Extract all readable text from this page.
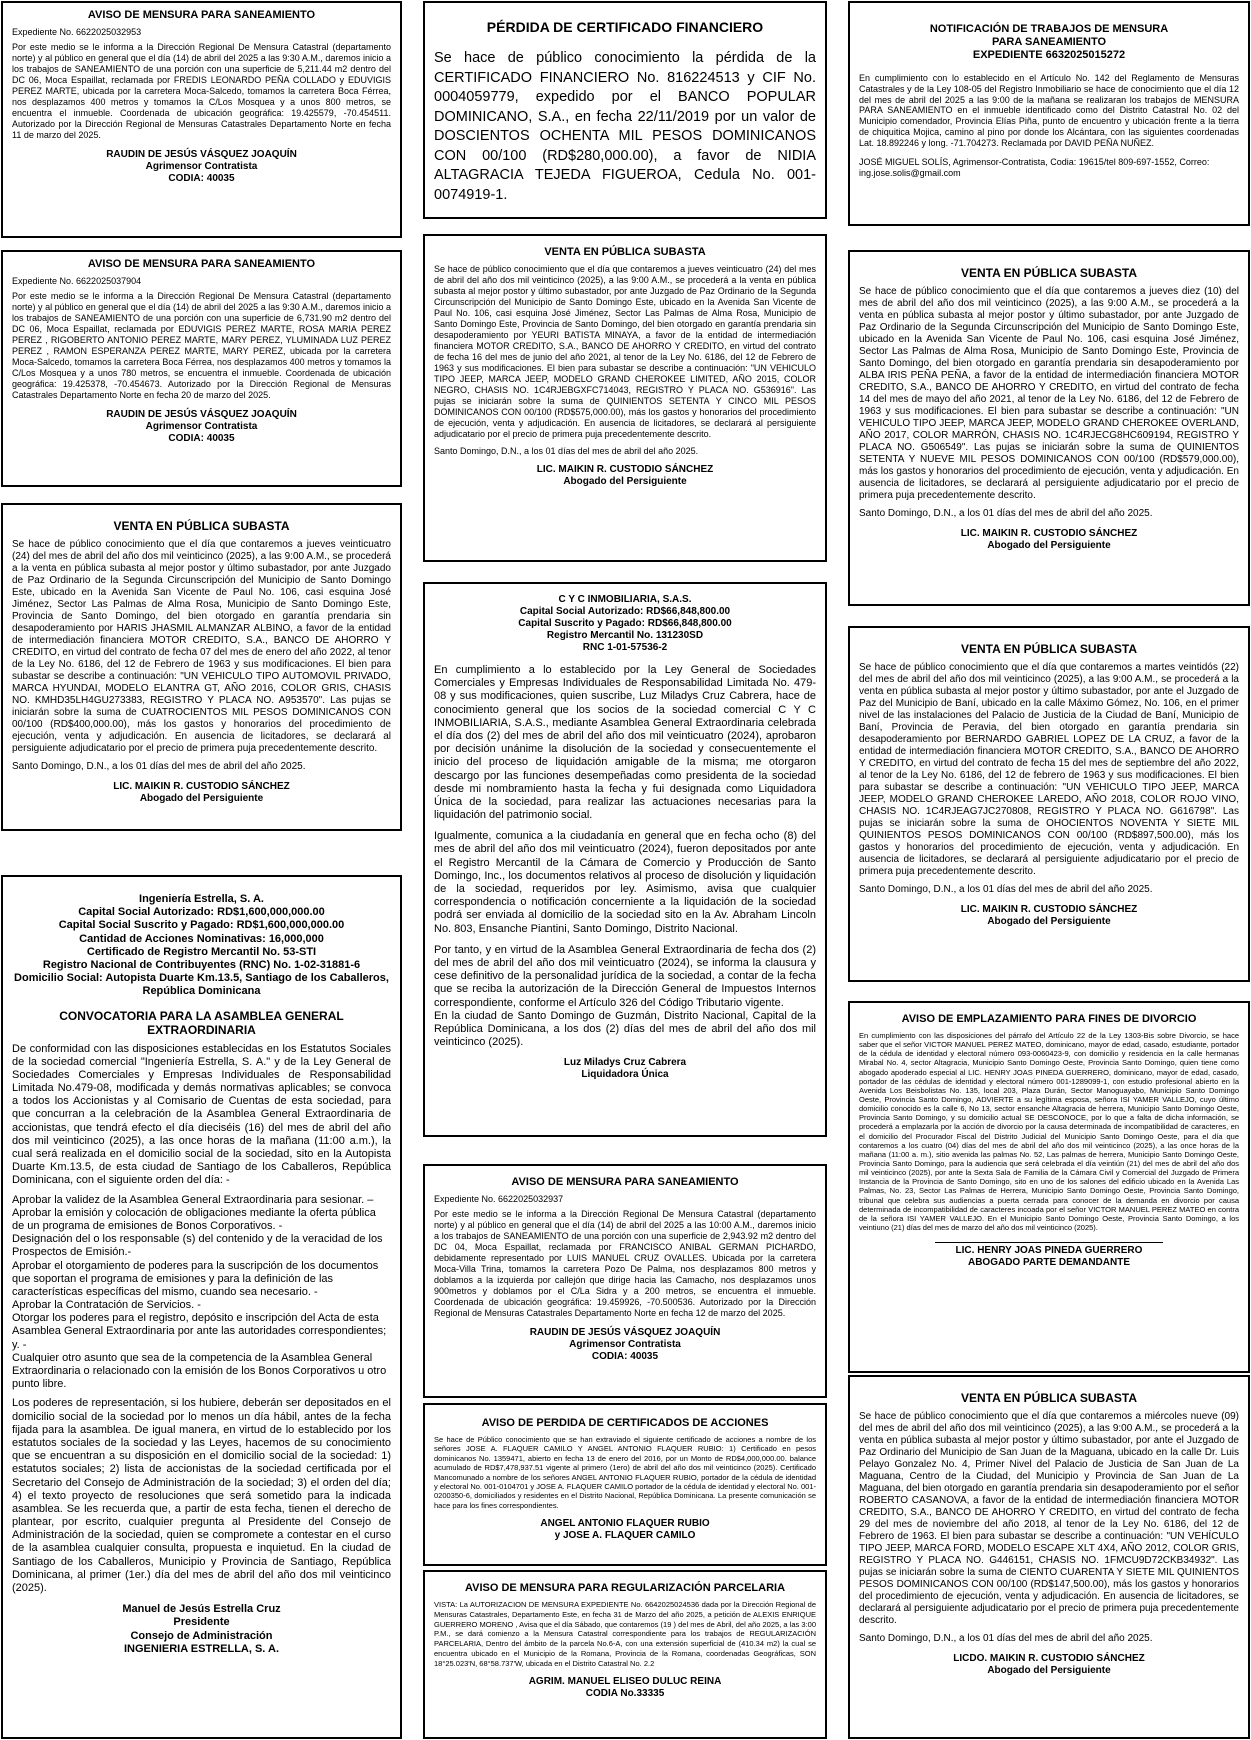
AVISO DE MENSURA PARA SANEAMIENTO
Expediente No. 6622025032953
Por este medio se le informa a la Dirección Regional De Mensura Catastral (departamento norte) y al público en general que el día (14) de abril del 2025 a las 9:30 A.M., daremos inicio a los trabajos de SANEAMIENTO de una porción con una superficie de 5,211.44 m2 dentro del DC 06, Moca Espaillat, reclamada por FREDIS LEONARDO PEÑA COLLADO y EDUVIGIS PEREZ MARTE, ubicada por la carretera Moca-Salcedo, tomamos la carretera Boca Férrea, nos desplazamos 400 metros y tomamos la C/Los Mosquea y a unos 800 metros, se encuentra el inmueble. Coordenada de ubicación geográfica: 19.425579, -70.454511. Autorizado por la Dirección Regional de Mensuras Catastrales Departamento Norte en fecha 11 de marzo del 2025.
RAUDIN DE JESÚS VÁSQUEZ JOAQUÍN
Agrimensor Contratista
CODIA: 40035
AVISO DE MENSURA PARA SANEAMIENTO
Expediente No. 6622025037904
Por este medio se le informa a la Dirección Regional De Mensura Catastral (departamento norte) y al público en general que el día (14) de abril del 2025 a las 9:30 A.M., daremos inicio a los trabajos de SANEAMIENTO de una porción con una superficie de 6,731.90 m2 dentro del DC 06, Moca Espaillat, reclamada por EDUVIGIS PEREZ MARTE, ROSA MARIA PEREZ PEREZ , RIGOBERTO ANTONIO PEREZ MARTE, MARY PEREZ, YLUMINADA LUZ PEREZ PEREZ , RAMON ESPERANZA PEREZ MARTE, MARY PEREZ, ubicada por la carretera Moca-Salcedo, tomamos la carretera Boca Férrea, nos desplazamos 400 metros y tomamos la C/Los Mosquea y a unos 780 metros, se encuentra el inmueble. Coordenada de ubicación geográfica: 19.425378, -70.454673. Autorizado por la Dirección Regional de Mensuras Catastrales Departamento Norte en fecha 20 de marzo del 2025.
RAUDIN DE JESÚS VÁSQUEZ JOAQUÍN
Agrimensor Contratista
CODIA: 40035
VENTA EN PÚBLICA SUBASTA
Se hace de público conocimiento que el día que contaremos a jueves veinticuatro (24) del mes de abril del año dos mil veinticinco (2025), a las 9:00 A.M., se procederá a la venta en pública subasta al mejor postor y último subastador, por ante Juzgado de Paz Ordinario de la Segunda Circunscripción del Municipio de Santo Domingo Este, ubicado en la Avenida San Vicente de Paul No. 106, casi esquina José Jiménez, Sector Las Palmas de Alma Rosa, Municipio de Santo Domingo Este, Provincia de Santo Domingo, del bien otorgado en garantía prendaria sin desapoderamiento por HARIS JHASMIL ALMANZAR ALBINO, a favor de la entidad de intermediación financiera MOTOR CREDITO, S.A., BANCO DE AHORRO Y CREDITO, en virtud del contrato de fecha 07 del mes de enero del año 2022, al tenor de la Ley No. 6186, del 12 de Febrero de 1963 y sus modificaciones. El bien para subastar se describe a continuación: "UN VEHICULO TIPO AUTOMOVIL PRIVADO, MARCA HYUNDAI, MODELO ELANTRA GT, AÑO 2016, COLOR GRIS, CHASIS NO. KMHD35LH4GU273383, REGISTRO Y PLACA NO. A953570". Las pujas se iniciarán sobre la suma de CUATROCIENTOS MIL PESOS DOMINICANOS CON 00/100 (RD$400,000.00), más los gastos y honorarios del procedimiento de ejecución, venta y adjudicación. En ausencia de licitadores, se declarará al persiguiente adjudicatario por el precio de primera puja precedentemente descrito.
Santo Domingo, D.N., a los 01 días del mes de abril del año 2025.
LIC. MAIKIN R. CUSTODIO SÁNCHEZ
Abogado del Persiguiente
Ingeniería Estrella, S. A.
Capital Social Autorizado: RD$1,600,000,000.00
Capital Social Suscrito y Pagado: RD$1,600,000,000.00
Cantidad de Acciones Nominativas: 16,000,000
Certificado de Registro Mercantil No. 53-STI
Registro Nacional de Contribuyentes (RNC) No. 1-02-31881-6
Domicilio Social: Autopista Duarte Km.13.5, Santiago de los Caballeros,
República Dominicana
CONVOCATORIA PARA LA ASAMBLEA GENERAL EXTRAORDINARIA
De conformidad con las disposiciones establecidas en los Estatutos Sociales de la sociedad comercial "Ingeniería Estrella, S. A." y de la Ley General de Sociedades Comerciales y Empresas Individuales de Responsabilidad Limitada No.479-08, modificada y demás normativas aplicables; se convoca a todos los Accionistas y al Comisario de Cuentas de esta sociedad, para que concurran a la celebración de la Asamblea General Extraordinaria de accionistas, que tendrá efecto el día dieciséis (16) del mes de abril del año dos mil veinticinco (2025), a las once horas de la mañana (11:00 a.m.), la cual será realizada en el domicilio social de la sociedad, sito en la Autopista Duarte Km.13.5, de esta ciudad de Santiago de los Caballeros, República Dominicana, con el siguiente orden del día: -
Aprobar la validez de la Asamblea General Extraordinaria para sesionar. –
Aprobar la emisión y colocación de obligaciones mediante la oferta pública de un programa de emisiones de Bonos Corporativos. -
Designación del o los responsable (s) del contenido y de la veracidad de los Prospectos de Emisión.-
Aprobar el otorgamiento de poderes para la suscripción de los documentos que soportan el programa de emisiones y para la definición de las características específicas del mismo, cuando sea necesario. -
Aprobar la Contratación de Servicios. -
Otorgar los poderes para el registro, depósito e inscripción del Acta de esta Asamblea General Extraordinaria por ante las autoridades correspondientes; y. -
Cualquier otro asunto que sea de la competencia de la Asamblea General Extraordinaria o relacionado con la emisión de los Bonos Corporativos u otro punto libre.
Los poderes de representación, si los hubiere, deberán ser depositados en el domicilio social de la sociedad por lo menos un día hábil, antes de la fecha fijada para la asamblea. De igual manera, en virtud de lo establecido por los estatutos sociales de la sociedad y las Leyes, hacemos de su conocimiento que se encuentran a su disposición en el domicilio social de la sociedad: 1) estatutos sociales; 2) lista de accionistas de la sociedad certificada por el Secretario del Consejo de Administración de la sociedad; 3) el orden del día; 4) el texto proyecto de resoluciones que será sometido para la indicada asamblea. Se les recuerda que, a partir de esta fecha, tienen el derecho de plantear, por escrito, cualquier pregunta al Presidente del Consejo de Administración de la sociedad, quien se compromete a contestar en el curso de la asamblea cualquier consulta, propuesta e inquietud. En la ciudad de Santiago de los Caballeros, Municipio y Provincia de Santiago, República Dominicana, al primer (1er.) día del mes de abril del año dos mil veinticinco (2025).
Manuel de Jesús Estrella Cruz
Presidente
Consejo de Administración
INGENIERIA ESTRELLA, S. A.
PÉRDIDA DE CERTIFICADO FINANCIERO
Se hace de público conocimiento la pérdida de la CERTIFICADO FINANCIERO No. 816224513 y CIF No. 0004059779, expedido por el BANCO POPULAR DOMINICANO, S.A., en fecha 22/11/2019 por un valor de DOSCIENTOS OCHENTA MIL PESOS DOMINICANOS CON 00/100 (RD$280,000.00), a favor de NIDIA ALTAGRACIA TEJEDA FIGUEROA, Cedula No. 001-0074919-1.
VENTA EN PÚBLICA SUBASTA
Se hace de público conocimiento que el día que contaremos a jueves veinticuatro (24) del mes de abril del año dos mil veinticinco (2025), a las 9:00 A.M., se procederá a la venta en pública subasta al mejor postor y último subastador, por ante Juzgado de Paz Ordinario de la Segunda Circunscripción del Municipio de Santo Domingo Este, ubicado en la Avenida San Vicente de Paul No. 106, casi esquina José Jiménez, Sector Las Palmas de Alma Rosa, Municipio de Santo Domingo Este, Provincia de Santo Domingo, del bien otorgado en garantía prendaria sin desapoderamiento por YEURI BATISTA MINAYA, a favor de la entidad de intermediación financiera MOTOR CREDITO, S.A., BANCO DE AHORRO Y CREDITO, en virtud del contrato de fecha 16 del mes de junio del año 2021, al tenor de la Ley No. 6186, del 12 de Febrero de 1963 y sus modificaciones. El bien para subastar se describe a continuación: "UN VEHICULO TIPO JEEP, MARCA JEEP, MODELO GRAND CHEROKEE LIMITED, AÑO 2015, COLOR NEGRO, CHASIS NO. 1C4RJEBGXFC714043, REGISTRO Y PLACA NO. G536916". Las pujas se iniciarán sobre la suma de QUINIENTOS SETENTA Y CINCO MIL PESOS DOMINICANOS CON 00/100 (RD$575,000.00), más los gastos y honorarios del procedimiento de ejecución, venta y adjudicación. En ausencia de licitadores, se declarará al persiguiente adjudicatario por el precio de primera puja precedentemente descrito.
Santo Domingo, D.N., a los 01 días del mes de abril del año 2025.
LIC. MAIKIN R. CUSTODIO SÁNCHEZ
Abogado del Persiguiente
C Y C INMOBILIARIA, S.A.S.
Capital Social Autorizado: RD$66,848,800.00
Capital Suscrito y Pagado: RD$66,848,800.00
Registro Mercantil No. 131230SD
RNC 1-01-57536-2
En cumplimiento a lo establecido por la Ley General de Sociedades Comerciales y Empresas Individuales de Responsabilidad Limitada No. 479-08 y sus modificaciones, quien suscribe, Luz Miladys Cruz Cabrera, hace de conocimiento general que los socios de la sociedad comercial C Y C INMOBILIARIA, S.A.S., mediante Asamblea General Extraordinaria celebrada el día dos (2) del mes de abril del año dos mil veinticuatro (2024), aprobaron por decisión unánime la disolución de la sociedad y consecuentemente el inicio del proceso de liquidación amigable de la misma; me otorgaron descargo por las funciones desempeñadas como presidenta de la sociedad desde mi nombramiento hasta la fecha y fui designada como Liquidadora Única de la sociedad, para realizar las actuaciones necesarias para la liquidación del patrimonio social.
Igualmente, comunica a la ciudadanía en general que en fecha ocho (8) del mes de abril del año dos mil veinticuatro (2024), fueron depositados por ante el Registro Mercantil de la Cámara de Comercio y Producción de Santo Domingo, Inc., los documentos relativos al proceso de disolución y liquidación de la sociedad, requeridos por ley. Asimismo, avisa que cualquier correspondencia o notificación concerniente a la liquidación de la sociedad podrá ser enviada al domicilio de la sociedad sito en la Av. Abraham Lincoln No. 803, Ensanche Piantini, Santo Domingo, Distrito Nacional.
Por tanto, y en virtud de la Asamblea General Extraordinaria de fecha dos (2) del mes de abril del año dos mil veinticuatro (2024), se informa la clausura y cese definitivo de la personalidad jurídica de la sociedad, a contar de la fecha que se reciba la autorización de la Dirección General de Impuestos Internos correspondiente, conforme el Artículo 326 del Código Tributario vigente.
En la ciudad de Santo Domingo de Guzmán, Distrito Nacional, Capital de la República Dominicana, a los dos (2) días del mes de abril del año dos mil veinticinco (2025).
Luz Miladys Cruz Cabrera
Liquidadora Única
AVISO DE MENSURA PARA SANEAMIENTO
Expediente No. 6622025032937
Por este medio se le informa a la Dirección Regional De Mensura Catastral (departamento norte) y al público en general que el día (14) de abril del 2025 a las 10:00 A.M., daremos inicio a los trabajos de SANEAMIENTO de una porción con una superficie de 2,943.92 m2 dentro del DC 04, Moca Espaillat, reclamada por FRANCISCO ANIBAL GERMAN PICHARDO, debidamente representado por LUIS MANUEL CRUZ OVALLES. Ubicada por la carretera Moca-Villa Trina, tomamos la carretera Pozo De Palma, nos desplazamos 800 metros y doblamos a la izquierda por callejón que dirige hacia las Camacho, nos desplazamos unos 900metros y doblamos por el C/La Sidra y a 200 metros, se encuentra el inmueble. Coordenada de ubicación geográfica: 19.459926, -70.500536. Autorizado por la Dirección Regional de Mensuras Catastrales Departamento Norte en fecha 12 de marzo del 2025.
RAUDIN DE JESÚS VÁSQUEZ JOAQUÍN
Agrimensor Contratista
CODIA: 40035
AVISO DE PERDIDA DE CERTIFICADOS DE ACCIONES
Se hace de Público conocimiento que se han extraviado el siguiente certificado de acciones a nombre de los señores JOSE A. FLAQUER CAMILO Y ANGEL ANTONIO FLAQUER RUBIO: 1) Certificado en pesos dominicanos No. 1359471, abierto en fecha 13 de enero del 2016, por un Monto de RD$4,000,000.00. balance acumulado de RD$7,478,937.51 vigente al primero (1ero) de abril del año dos mil veinticinco (2025). Certificado Mancomunado a nombre de los señores ANGEL ANTONIO FLAQUER RUBIO, portador de la cédula de identidad y electoral No. 001-0104701 y JOSE A. FLAQUER CAMILO portador de la cédula de identidad y electoral No. 001-0200350-6, domiciliados y residentes en el Distrito Nacional, República Dominicana. La presente comunicación se hace para los fines correspondientes.
ANGEL ANTONIO FLAQUER RUBIO
y JOSE A. FLAQUER CAMILO
AVISO DE MENSURA PARA REGULARIZACIÓN PARCELARIA
VISTA: La AUTORIZACION DE MENSURA EXPEDIENTE No. 6642025024536 dada por la Dirección Regional de Mensuras Catastrales, Departamento Este, en fecha 31 de Marzo del año 2025, a petición de ALEXIS ENRIQUE GUERRERO MORENO , Avisa que el día Sábado, que contaremos (19 ) del mes de Abril, del año 2025, a las 3:00 P.M., se dará comienzo a la Mensura Catastral correspondiente para los trabajos de REGULARIZACIÓN PARCELARIA, Dentro del ámbito de la parcela No.6-A, con una extensión superficial de (410.34 m2) la cual se encuentra ubicado en el Municipio de la Romana, Provincia de la Romana, coordenadas Geográficas, SON 18°25.023'N, 68°58.737'W, ubicada en el Distrito Catastral No. 2.2
AGRIM. MANUEL ELISEO DULUC REINA
CODIA No.33335
NOTIFICACIÓN DE TRABAJOS DE MENSURA
PARA SANEAMIENTO
EXPEDIENTE 6632025015272
En cumplimiento con lo establecido en el Artículo No. 142 del Reglamento de Mensuras Catastrales y de la Ley 108-05 del Registro Inmobiliario se hace de conocimiento que el día 12 del mes de abril del 2025 a las 9:00 de la mañana se realizaran los trabajos de MENSURA PARA SANEAMIENTO en el inmueble identificado como del Distrito Catastral No. 02 del Municipio comendador, Provincia Elías Piña, punto de encuentro y ubicación frente a la tierra de chiquitica Mojica, camino al pino por donde los Alcántara, con las siguientes coordenadas Lat. 18.892246 y long. -71.704273. Reclamada por DAVID PEÑA NUÑEZ.
JOSÉ MIGUEL SOLÍS, Agrimensor-Contratista, Codia: 19615/tel 809-697-1552, Correo: ing.jose.solis@gmail.com
VENTA EN PÚBLICA SUBASTA
Se hace de público conocimiento que el día que contaremos a jueves diez (10) del mes de abril del año dos mil veinticinco (2025), a las 9:00 A.M., se procederá a la venta en pública subasta al mejor postor y último subastador, por ante Juzgado de Paz Ordinario de la Segunda Circunscripción del Municipio de Santo Domingo Este, ubicado en la Avenida San Vicente de Paul No. 106, casi esquina José Jiménez, Sector Las Palmas de Alma Rosa, Municipio de Santo Domingo Este, Provincia de Santo Domingo, del bien otorgado en garantía prendaria sin desapoderamiento por ALBA IRIS PEÑA PEÑA, a favor de la entidad de intermediación financiera MOTOR CREDITO, S.A., BANCO DE AHORRO Y CREDITO, en virtud del contrato de fecha 14 del mes de mayo del año 2021, al tenor de la Ley No. 6186, del 12 de Febrero de 1963 y sus modificaciones. El bien para subastar se describe a continuación: "UN VEHICULO TIPO JEEP, MARCA JEEP, MODELO GRAND CHEROKEE OVERLAND, AÑO 2017, COLOR MARRÓN, CHASIS NO. 1C4RJECG8HC609194, REGISTRO Y PLACA NO. G506549". Las pujas se iniciarán sobre la suma de QUINIENTOS SETENTA Y NUEVE MIL PESOS DOMINICANOS CON 00/100 (RD$579,000.00), más los gastos y honorarios del procedimiento de ejecución, venta y adjudicación. En ausencia de licitadores, se declarará al persiguiente adjudicatario por el precio de primera puja precedentemente descrito.
Santo Domingo, D.N., a los 01 días del mes de abril del año 2025.
LIC. MAIKIN R. CUSTODIO SÁNCHEZ
Abogado del Persiguiente
VENTA EN PÚBLICA SUBASTA
Se hace de público conocimiento que el día que contaremos a martes veintidós (22) del mes de abril del año dos mil veinticinco (2025), a las 9:00 A.M., se procederá a la venta en pública subasta al mejor postor y último subastador, por ante el Juzgado de Paz del Municipio de Baní, ubicado en la calle Máximo Gómez, No. 106, en el primer nivel de las instalaciones del Palacio de Justicia de la Ciudad de Baní, Municipio de Baní, Provincia de Peravia, del bien otorgado en garantía prendaria sin desapoderamiento por BERNARDO GABRIEL LOPEZ DE LA CRUZ, a favor de la entidad de intermediación financiera MOTOR CREDITO, S.A., BANCO DE AHORRO Y CREDITO, en virtud del contrato de fecha 15 del mes de septiembre del año 2022, al tenor de la Ley No. 6186, del 12 de febrero de 1963 y sus modificaciones. El bien para subastar se describe a continuación: "UN VEHICULO TIPO JEEP, MARCA JEEP, MODELO GRAND CHEROKEE LAREDO, AÑO 2018, COLOR ROJO VINO, CHASIS NO. 1C4RJEAG7JC270808, REGISTRO Y PLACA NO. G616798". Las pujas se iniciarán sobre la suma de OHOCIENTOS NOVENTA Y SIETE MIL QUINIENTOS PESOS DOMINICANOS CON 00/100 (RD$897,500.00), más los gastos y honorarios del procedimiento de ejecución, venta y adjudicación. En ausencia de licitadores, se declarará al persiguiente adjudicatario por el precio de primera puja precedentemente descrito.
Santo Domingo, D.N., a los 01 días del mes de abril del año 2025.
LIC. MAIKIN R. CUSTODIO SÁNCHEZ
Abogado del Persiguiente
AVISO DE EMPLAZAMIENTO PARA FINES DE DIVORCIO
En cumplimiento con las disposiciones del párrafo del Artículo 22 de la Ley 1303-Bis sobre Divorcio, se hace saber que el señor VICTOR MANUEL PEREZ MATEO, dominicano, mayor de edad, casado, estudiante, portador de la cédula de identidad y electoral número 093-0060423-9, con domicilio y residencia en la calle hermanas Mirabal No. 4, sector Altagracia, Municipio Santo Domingo Oeste, Provincia Santo Domingo, quien tiene como abogado apoderado especial al LIC. HENRY JOAS PINEDA GUERRERO, dominicano, mayor de edad, casado, portador de las cédulas de identidad y electoral número 001-1289099-1, con estudio profesional abierto en la Avenida Los Beisbolistas No. 135, local 203, Plaza Durán, Sector Manoguayabo, Municipio Santo Domingo Oeste, Provincia Santo Domingo, ADVIERTE a su legítima esposa, señora ISI YAMER VALLEJO, cuyo último domicilio conocido es la calle 6, No 13, sector ensanche Altagracia de herrera, Municipio Santo Domingo Oeste, Provincia Santo Domingo, y su domicilio actual SE DESCONOCE, por lo que a falta de dicha información, se procederá a emplazarla por la acción de divorcio por la causa determinada de incompatibilidad de caracteres, en el domicilio del Procurador Fiscal del Distrito Judicial del Municipio Santo Domingo Oeste, para el día que contaremos a los cuatro (04) días del mes de abril del año dos mil veinticinco (2025), a las once horas de la mañana (11:00 a. m.), sitio avenida las palmas No. 52, Las palmas de herrera, Municipio Santo Domingo Oeste, Provincia Santo Domingo, para la audiencia que será celebrada el día veintiún (21) del mes de abril del año dos mil veinticinco (2025), por ante la Sexta Sala de Familia de la Cámara Civil y Comercial del Juzgado de Primera Instancia de la Provincia de Santo Domingo, sito en uno de los salones del edificio ubicado en la Avenida Las Palmas, No. 23, Sector Las Palmas de Herrera, Municipio Santo Domingo Oeste, Provincia Santo Domingo, tribunal que celebra sus audiencias a puerta cerrada para conocer de la demanda en divorcio por causa determinada de incompatibilidad de caracteres incoada por el señor VICTOR MANUEL PEREZ MATEO en contra de la señora ISI YAMER VALLEJO. En el Municipio Santo Domingo Oeste, Provincia Santo Domingo, a los veintiuno (21) días del mes de marzo del año dos mil veinticinco (2025).
LIC. HENRY JOAS PINEDA GUERRERO
ABOGADO PARTE DEMANDANTE
VENTA EN PÚBLICA SUBASTA
Se hace de público conocimiento que el día que contaremos a miércoles nueve (09) del mes de abril del año dos mil veinticinco (2025), a las 9:00 A.M., se procederá a la venta en pública subasta al mejor postor y último subastador, por ante el Juzgado de Paz Ordinario del Municipio de San Juan de la Maguana, ubicado en la calle Dr. Luis Pelayo Gonzalez No. 4, Primer Nivel del Palacio de Justicia de San Juan de La Maguana, Centro de la Ciudad, del Municipio y Provincia de San Juan de La Maguana, del bien otorgado en garantía prendaria sin desapoderamiento por el señor ROBERTO CASANOVA, a favor de la entidad de intermediación financiera MOTOR CREDITO, S.A., BANCO DE AHORRO Y CREDITO, en virtud del contrato de fecha 29 del mes de noviembre del año 2018, al tenor de la Ley No. 6186, del 12 de Febrero de 1963. El bien para subastar se describe a continuación: "UN VEHÍCULO TIPO JEEP, MARCA FORD, MODELO ESCAPE XLT 4X4, AÑO 2012, COLOR GRIS, REGISTRO Y PLACA NO. G446151, CHASIS NO. 1FMCU9D72CKB34932". Las pujas se iniciarán sobre la suma de CIENTO CUARENTA Y SIETE MIL QUINIENTOS PESOS DOMINICANOS CON 00/100 (RD$147,500.00), más los gastos y honorarios del procedimiento de ejecución, venta y adjudicación. En ausencia de licitadores, se declarará al persiguiente adjudicatario por el precio de primera puja precedentemente descrito.
Santo Domingo, D.N., a los 01 días del mes de abril del año 2025.
LICDO. MAIKIN R. CUSTODIO SÁNCHEZ
Abogado del Persiguiente
